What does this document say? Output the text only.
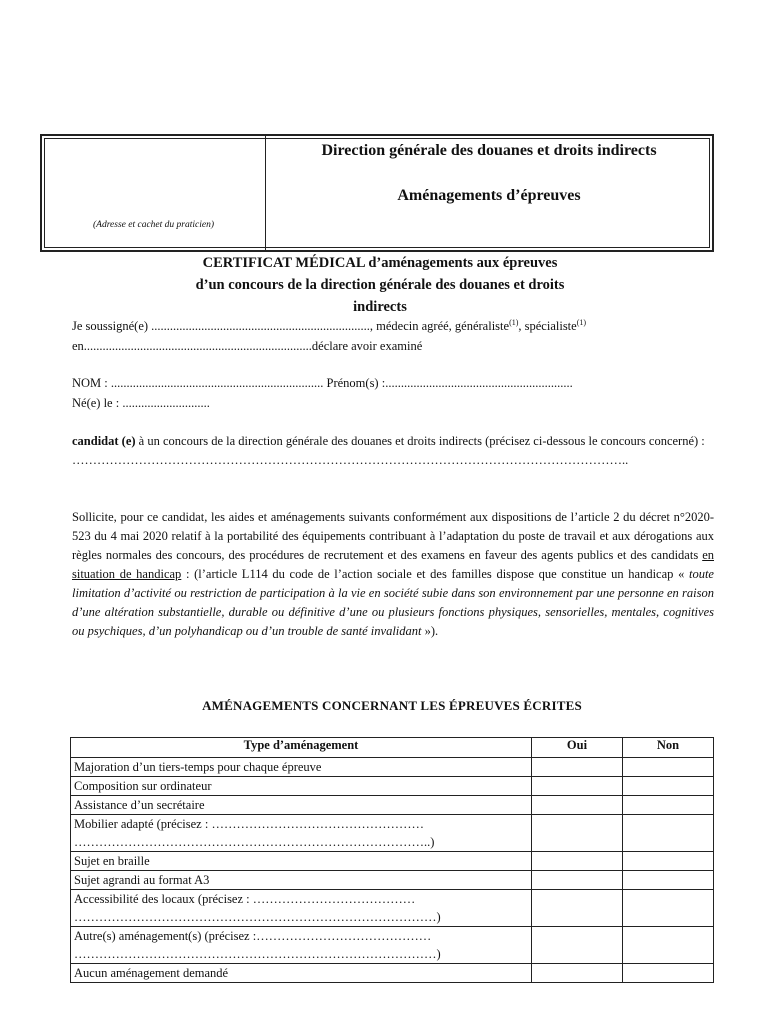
(Adresse et cachet du praticien)
Direction générale des douanes et droits indirects
Aménagements d’épreuves
CERTIFICAT MÉDICAL d’aménagements aux épreuves
d’un concours de la direction générale des douanes et droits
indirects
Je soussigné(e) ......................................................................, médecin agréé, généraliste$^{(1)}$, spécialiste$^{(1)}$
en.........................................................................déclare avoir examiné
NOM : .................................................................... Prénom(s) :............................................................
Né(e) le : ............................
candidat (e) à un concours de la direction générale des douanes et droits indirects (précisez ci-dessous le concours concerné) :
……………………………………………………………………………………………………………………..
Sollicite, pour ce candidat, les aides et aménagements suivants conformément aux dispositions de l’article 2 du décret n°2020-523 du 4 mai 2020 relatif à la portabilité des équipements contribuant à l’adaptation du poste de travail et aux dérogations aux règles normales des concours, des procédures de recrutement et des examens en faveur des agents publics et des candidats en situation de handicap : (l’article L114 du code de l’action sociale et des familles dispose que constitue un handicap « toute limitation d’activité ou restriction de participation à la vie en société subie dans son environnement par une personne en raison d’une altération substantielle, durable ou définitive d’une ou plusieurs fonctions physiques, sensorielles, mentales, cognitives ou psychiques, d’un polyhandicap ou d’un trouble de santé invalidant »).
AMÉNAGEMENTS CONCERNANT LES ÉPREUVES ÉCRITES
Type d’aménagement	Oui	Non
Majoration d’un tiers-temps pour chaque épreuve		
Composition sur ordinateur		
Assistance d’un secrétaire		
Mobilier adapté (précisez : ……………………………………………
…………………………………………………………………………..)		
Sujet en braille		
Sujet agrandi au format A3		
Accessibilité des locaux (précisez : …………………………………
……………………………………………………………………………)		
Autre(s) aménagement(s) (précisez :……………………………………
……………………………………………………………………………)		
Aucun aménagement demandé		
